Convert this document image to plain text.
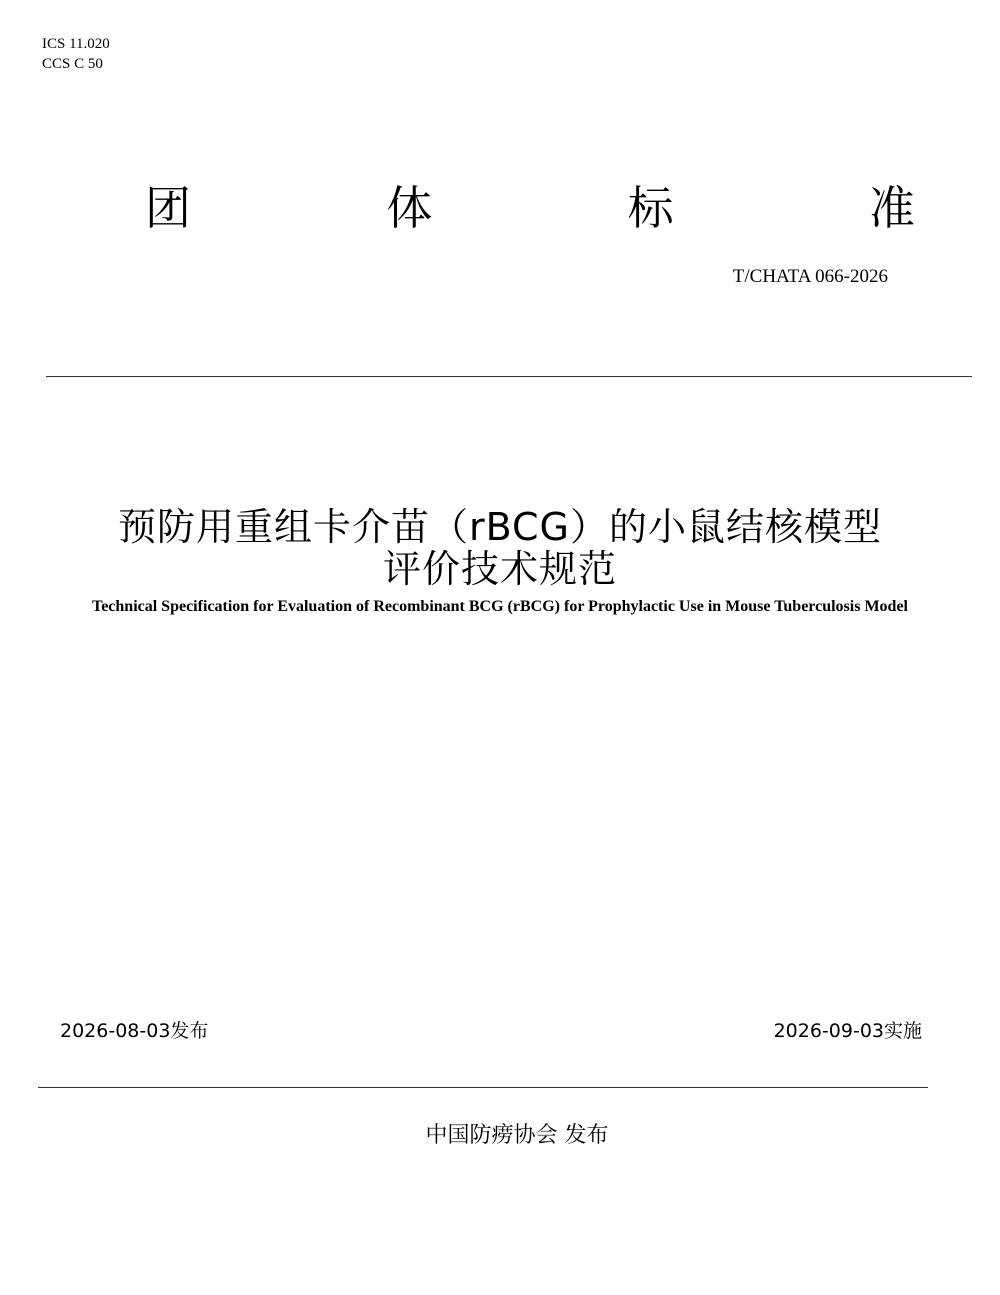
ICS 11.020
CCS C 50
团	体	标	准
T/CHATA 066-2026
预防用重组卡介苗（rBCG）的小鼠结核模型
评价技术规范
Technical Specification for Evaluation of Recombinant BCG (rBCG) for Prophylactic Use in Mouse Tuberculosis Model
2026-08-03发布	2026-09-03实施
中国防痨协会 发布
